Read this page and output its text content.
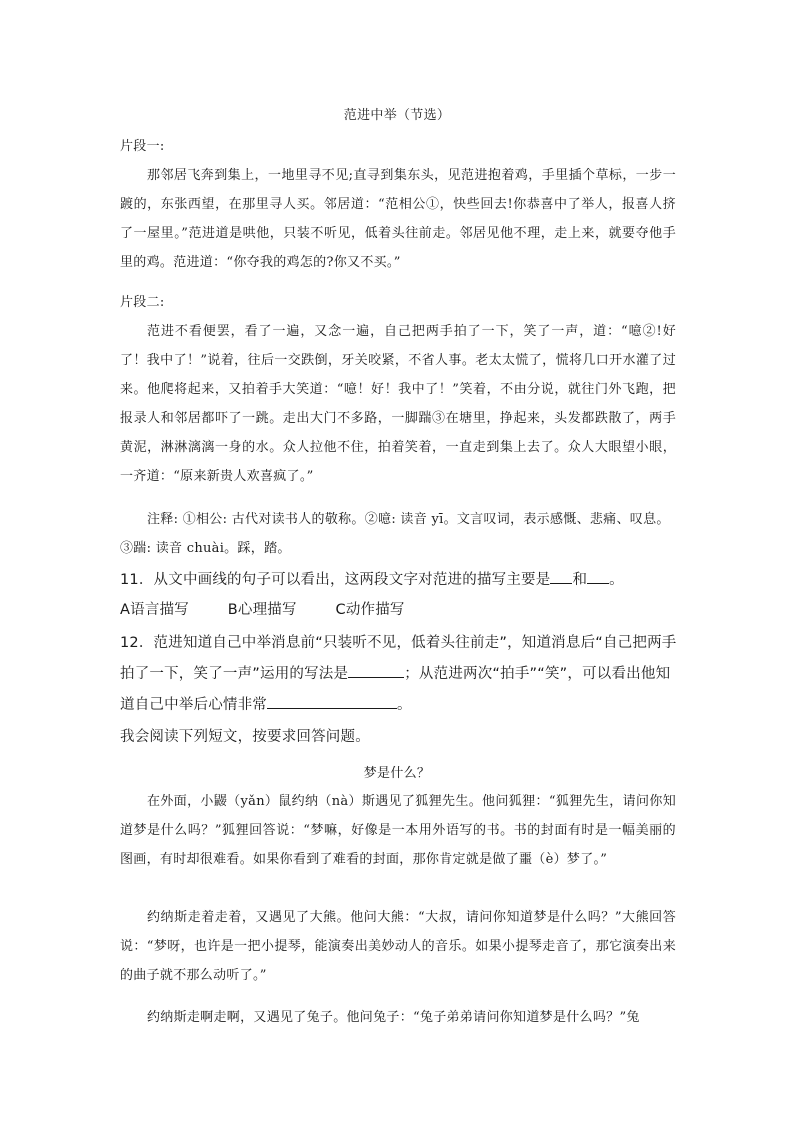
范进中举（节选）
片段一:

那邻居飞奔到集上，一地里寻不见;直寻到集东头，见范进抱着鸡，手里插个草标，一步一踱的，东张西望，在那里寻人买。邻居道：“范相公①，快些回去!你恭喜中了举人，报喜人挤了一屋里。”范进道是哄他，只装不听见，低着头往前走。邻居见他不理，走上来，就要夺他手里的鸡。范进道：“你夺我的鸡怎的?你又不买。”

片段二:

范进不看便罢，看了一遍，又念一遍，自己把两手拍了一下，笑了一声，道：“噫②!好了！我中了！”说着，往后一交跌倒，牙关咬紧，不省人事。老太太慌了，慌将几口开水灌了过来。他爬将起来，又拍着手大笑道：“噫！好！我中了！”笑着，不由分说，就往门外飞跑，把报录人和邻居都吓了一跳。走出大门不多路，一脚踹③在塘里，挣起来，头发都跌散了，两手黄泥，淋淋漓漓一身的水。众人拉他不住，拍着笑着，一直走到集上去了。众人大眼望小眼，一齐道：“原来新贵人欢喜疯了。”

注释: ①相公: 古代对读书人的敬称。②噫: 读音 yī。文言叹词，表示感慨、悲痛、叹息。③踹: 读音 chuài。踩，踏。

11．从文中画线的句子可以看出，这两段文字对范进的描写主要是 和 。

A语言描写	B心理描写	C动作描写

12．范进知道自己中举消息前“只装听不见，低着头往前走”，知道消息后“自己把两手拍了一下，笑了一声”运用的写法是	；从范进两次“拍手”“笑”，可以看出他知道自己中举后心情非常	。

我会阅读下列短文，按要求回答问题。
梦是什么？

在外面，小鼹（yǎn）鼠约纳（nà）斯遇见了狐狸先生。他问狐狸：“狐狸先生，请问你知道梦是什么吗？”狐狸回答说：“梦嘛，好像是一本用外语写的书。书的封面有时是一幅美丽的图画，有时却很难看。如果你看到了难看的封面，那你肯定就是做了噩（è）梦了。”

约纳斯走着走着，又遇见了大熊。他问大熊：“大叔，请问你知道梦是什么吗？”大熊回答说：“梦呀，也许是一把小提琴，能演奏出美妙动人的音乐。如果小提琴走音了，那它演奏出来的曲子就不那么动听了。”

约纳斯走啊走啊，又遇见了兔子。他问兔子：“兔子弟弟请问你知道梦是什么吗？”兔
